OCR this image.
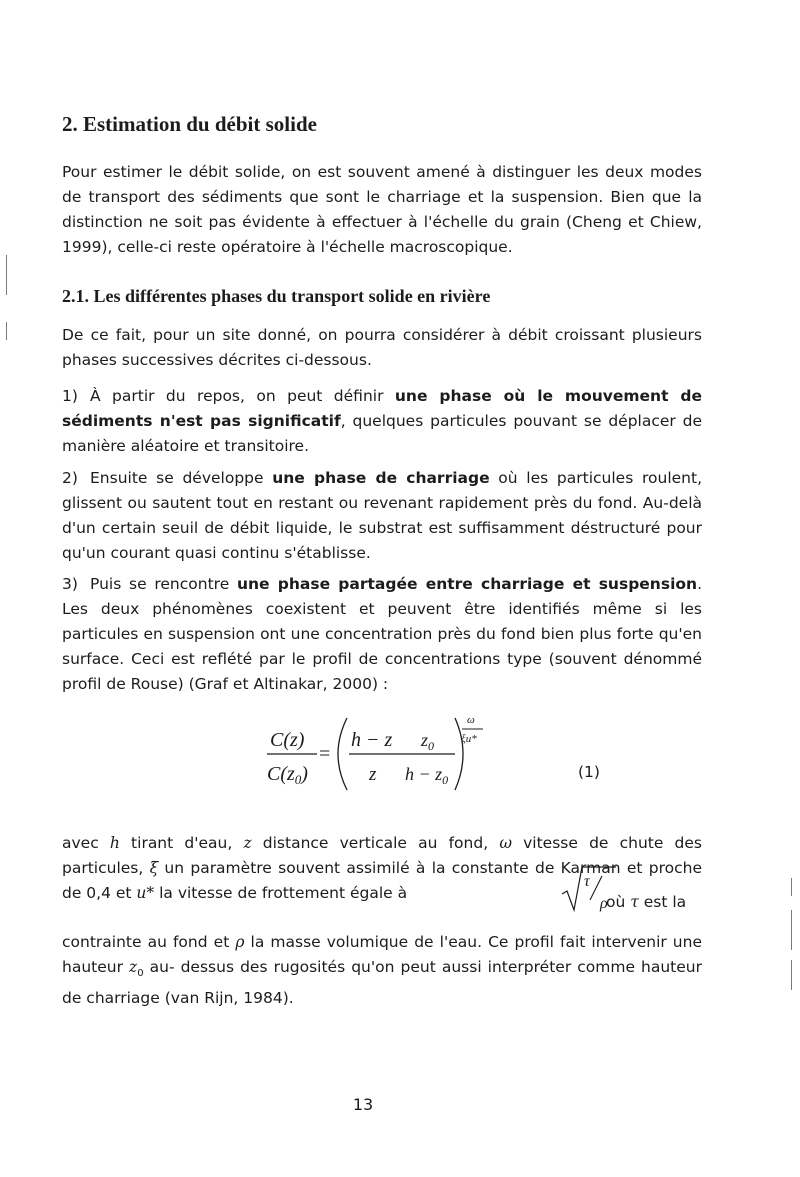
2. Estimation du débit solide

Pour estimer le débit solide, on est souvent amené à distinguer les deux modes de transport des sédiments que sont le charriage et la suspension. Bien que la distinction ne soit pas évidente à effectuer à l'échelle du grain (Cheng et Chiew, 1999), celle-ci reste opératoire à l'échelle macroscopique.

2.1. Les différentes phases du transport solide en rivière

De ce fait, pour un site donné, on pourra considérer à débit croissant plusieurs phases successives décrites ci-dessous.

1) À partir du repos, on peut définir une phase où le mouvement de sédiments n'est pas significatif, quelques particules pouvant se déplacer de manière aléatoire et transitoire.

2) Ensuite se développe une phase de charriage où les particules roulent, glissent ou sautent tout en restant ou revenant rapidement près du fond. Au-delà d'un certain seuil de débit liquide, le substrat est suffisamment déstructuré pour qu'un courant quasi continu s'établisse.

3) Puis se rencontre une phase partagée entre charriage et suspension. Les deux phénomènes coexistent et peuvent être identifiés même si les particules en suspension ont une concentration près du fond bien plus forte qu'en surface. Ceci est reflété par le profil de concentrations type (souvent dénommé profil de Rouse) (Graf et Altinakar, 2000) :

C(z)
$C(z_0)$
=
h − z
z
$z_0$
$h - z_0$
ω
ξu*
(1)

avec h tirant d'eau, z distance verticale au fond, ω vitesse de chute des particules, ξ un paramètre souvent assimilé à la constante de Karman et proche de 0,4 et u* la vitesse de frottement égale à

τ
ρ
où τ est la

contrainte au fond et ρ la masse volumique de l'eau. Ce profil fait intervenir une hauteur $z_0$ au- dessus des rugosités qu'on peut aussi interpréter comme hauteur de charriage (van Rijn, 1984).

13
